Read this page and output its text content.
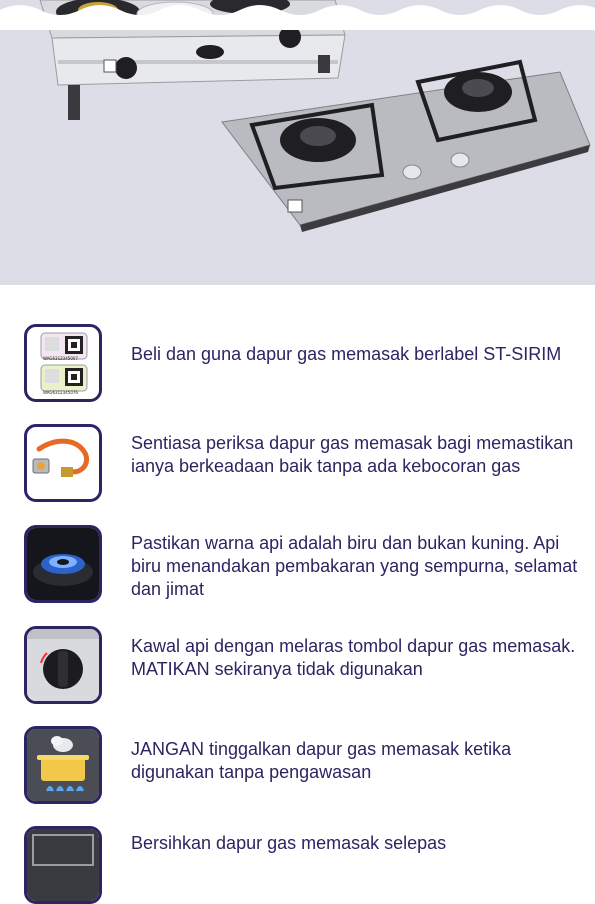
WAG6312345007
WAG6312345076
Beli dan guna dapur gas memasak berlabel ST-SIRIM
Sentiasa periksa dapur gas memasak bagi memastikan ianya berkeadaan baik tanpa ada kebocoran gas
Pastikan warna api adalah biru dan bukan kuning. Api biru menandakan pembakaran yang sempurna, selamat dan jimat
Kawal api dengan melaras tombol dapur gas memasak. MATIKAN sekiranya tidak digunakan
JANGAN tinggalkan dapur gas memasak ketika digunakan tanpa pengawasan
Bersihkan dapur gas memasak selepas
